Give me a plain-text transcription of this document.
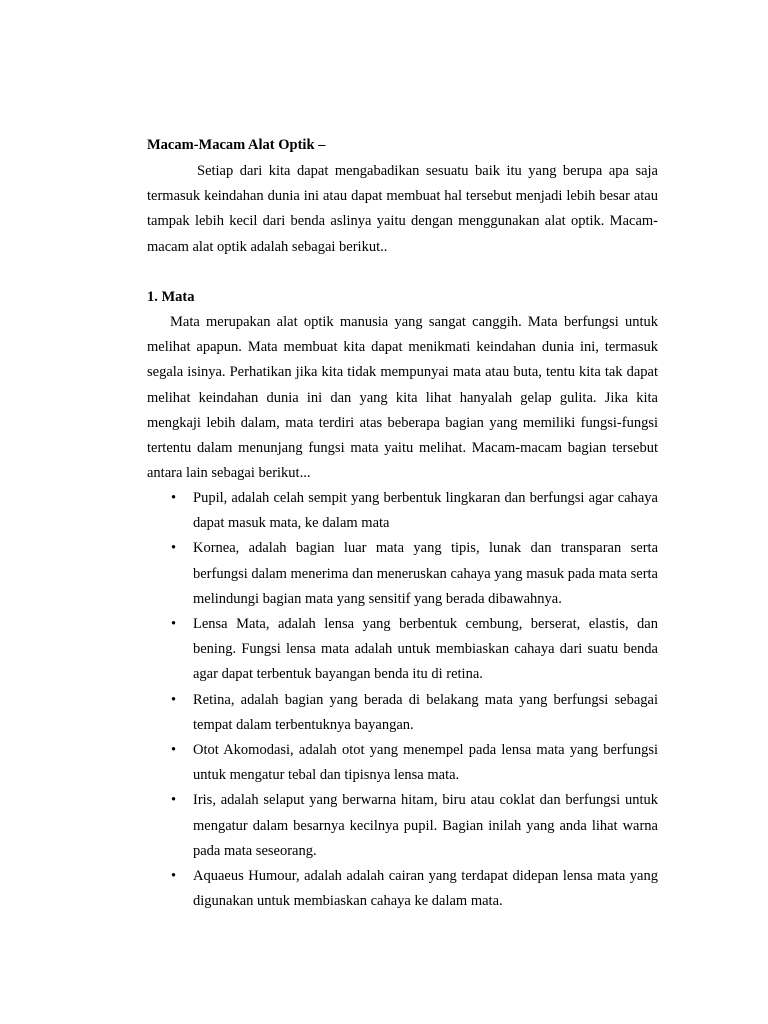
Macam-Macam Alat Optik –

Setiap dari kita dapat mengabadikan sesuatu baik itu yang berupa apa saja termasuk keindahan dunia ini atau dapat membuat hal tersebut menjadi lebih besar atau tampak lebih kecil dari benda aslinya yaitu dengan menggunakan alat optik. Macam-macam alat optik adalah sebagai berikut..

1. Mata

Mata merupakan alat optik manusia yang sangat canggih. Mata berfungsi untuk melihat apapun. Mata membuat kita dapat menikmati keindahan dunia ini, termasuk segala isinya. Perhatikan jika kita tidak mempunyai mata atau buta, tentu kita tak dapat melihat keindahan dunia ini dan yang kita lihat hanyalah gelap gulita. Jika kita mengkaji lebih dalam, mata terdiri atas beberapa bagian yang memiliki fungsi-fungsi tertentu dalam menunjang fungsi mata yaitu melihat. Macam-macam bagian tersebut antara lain sebagai berikut...

• Pupil, adalah celah sempit yang berbentuk lingkaran dan berfungsi agar cahaya dapat masuk mata, ke dalam mata
• Kornea, adalah bagian luar mata yang tipis, lunak dan transparan serta berfungsi dalam menerima dan meneruskan cahaya yang masuk pada mata serta melindungi bagian mata yang sensitif yang berada dibawahnya.
• Lensa Mata, adalah lensa yang berbentuk cembung, berserat, elastis, dan bening. Fungsi lensa mata adalah untuk membiaskan cahaya dari suatu benda agar dapat terbentuk bayangan benda itu di retina.
• Retina, adalah bagian yang berada di belakang mata yang berfungsi sebagai tempat dalam terbentuknya bayangan.
• Otot Akomodasi, adalah otot yang menempel pada lensa mata yang berfungsi untuk mengatur tebal dan tipisnya lensa mata.
• Iris, adalah selaput yang berwarna hitam, biru atau coklat dan berfungsi untuk mengatur dalam besarnya kecilnya pupil. Bagian inilah yang anda lihat warna pada mata seseorang.
• Aquaeus Humour, adalah adalah cairan yang terdapat didepan lensa mata yang digunakan untuk membiaskan cahaya ke dalam mata.
